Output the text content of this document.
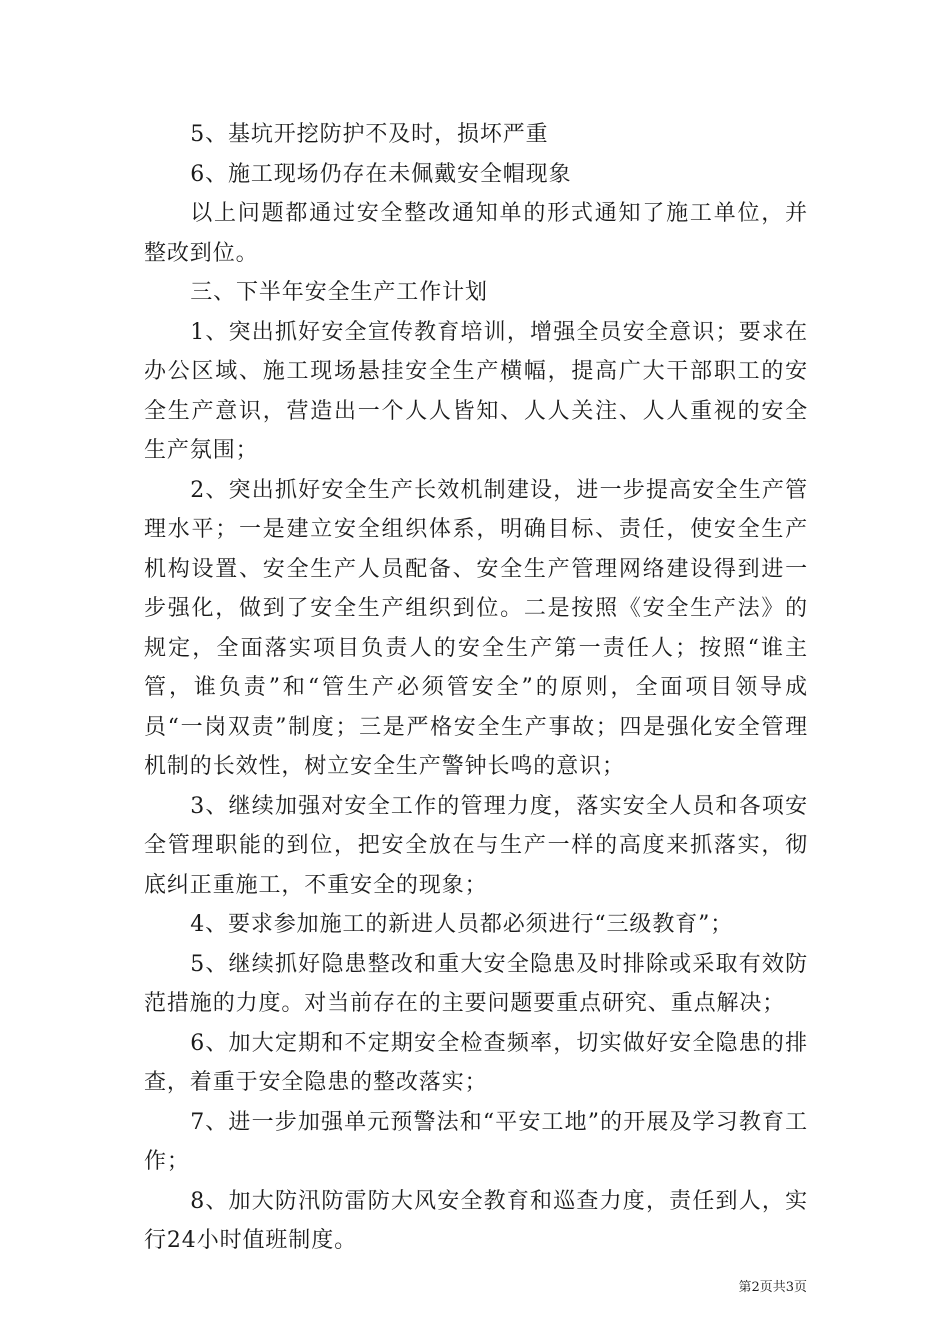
5、基坑开挖防护不及时，损坏严重

6、施工现场仍存在未佩戴安全帽现象

以上问题都通过安全整改通知单的形式通知了施工单位，并整改到位。

三、下半年安全生产工作计划

1、突出抓好安全宣传教育培训，增强全员安全意识；要求在办公区域、施工现场悬挂安全生产横幅，提高广大干部职工的安全生产意识，营造出一个人人皆知、人人关注、人人重视的安全生产氛围；

2、突出抓好安全生产长效机制建设，进一步提高安全生产管理水平；一是建立安全组织体系，明确目标、责任，使安全生产机构设置、安全生产人员配备、安全生产管理网络建设得到进一步强化，做到了安全生产组织到位。二是按照《安全生产法》的规定，全面落实项目负责人的安全生产第一责任人；按照“谁主管，谁负责”和“管生产必须管安全”的原则，全面项目领导成员“一岗双责”制度；三是严格安全生产事故；四是强化安全管理机制的长效性，树立安全生产警钟长鸣的意识；

3、继续加强对安全工作的管理力度，落实安全人员和各项安全管理职能的到位，把安全放在与生产一样的高度来抓落实，彻底纠正重施工，不重安全的现象；

4、要求参加施工的新进人员都必须进行“三级教育”；

5、继续抓好隐患整改和重大安全隐患及时排除或采取有效防范措施的力度。对当前存在的主要问题要重点研究、重点解决；

6、加大定期和不定期安全检查频率，切实做好安全隐患的排查，着重于安全隐患的整改落实；

7、进一步加强单元预警法和“平安工地”的开展及学习教育工作；

8、加大防汛防雷防大风安全教育和巡查力度，责任到人，实行24小时值班制度。

第2页共3页
